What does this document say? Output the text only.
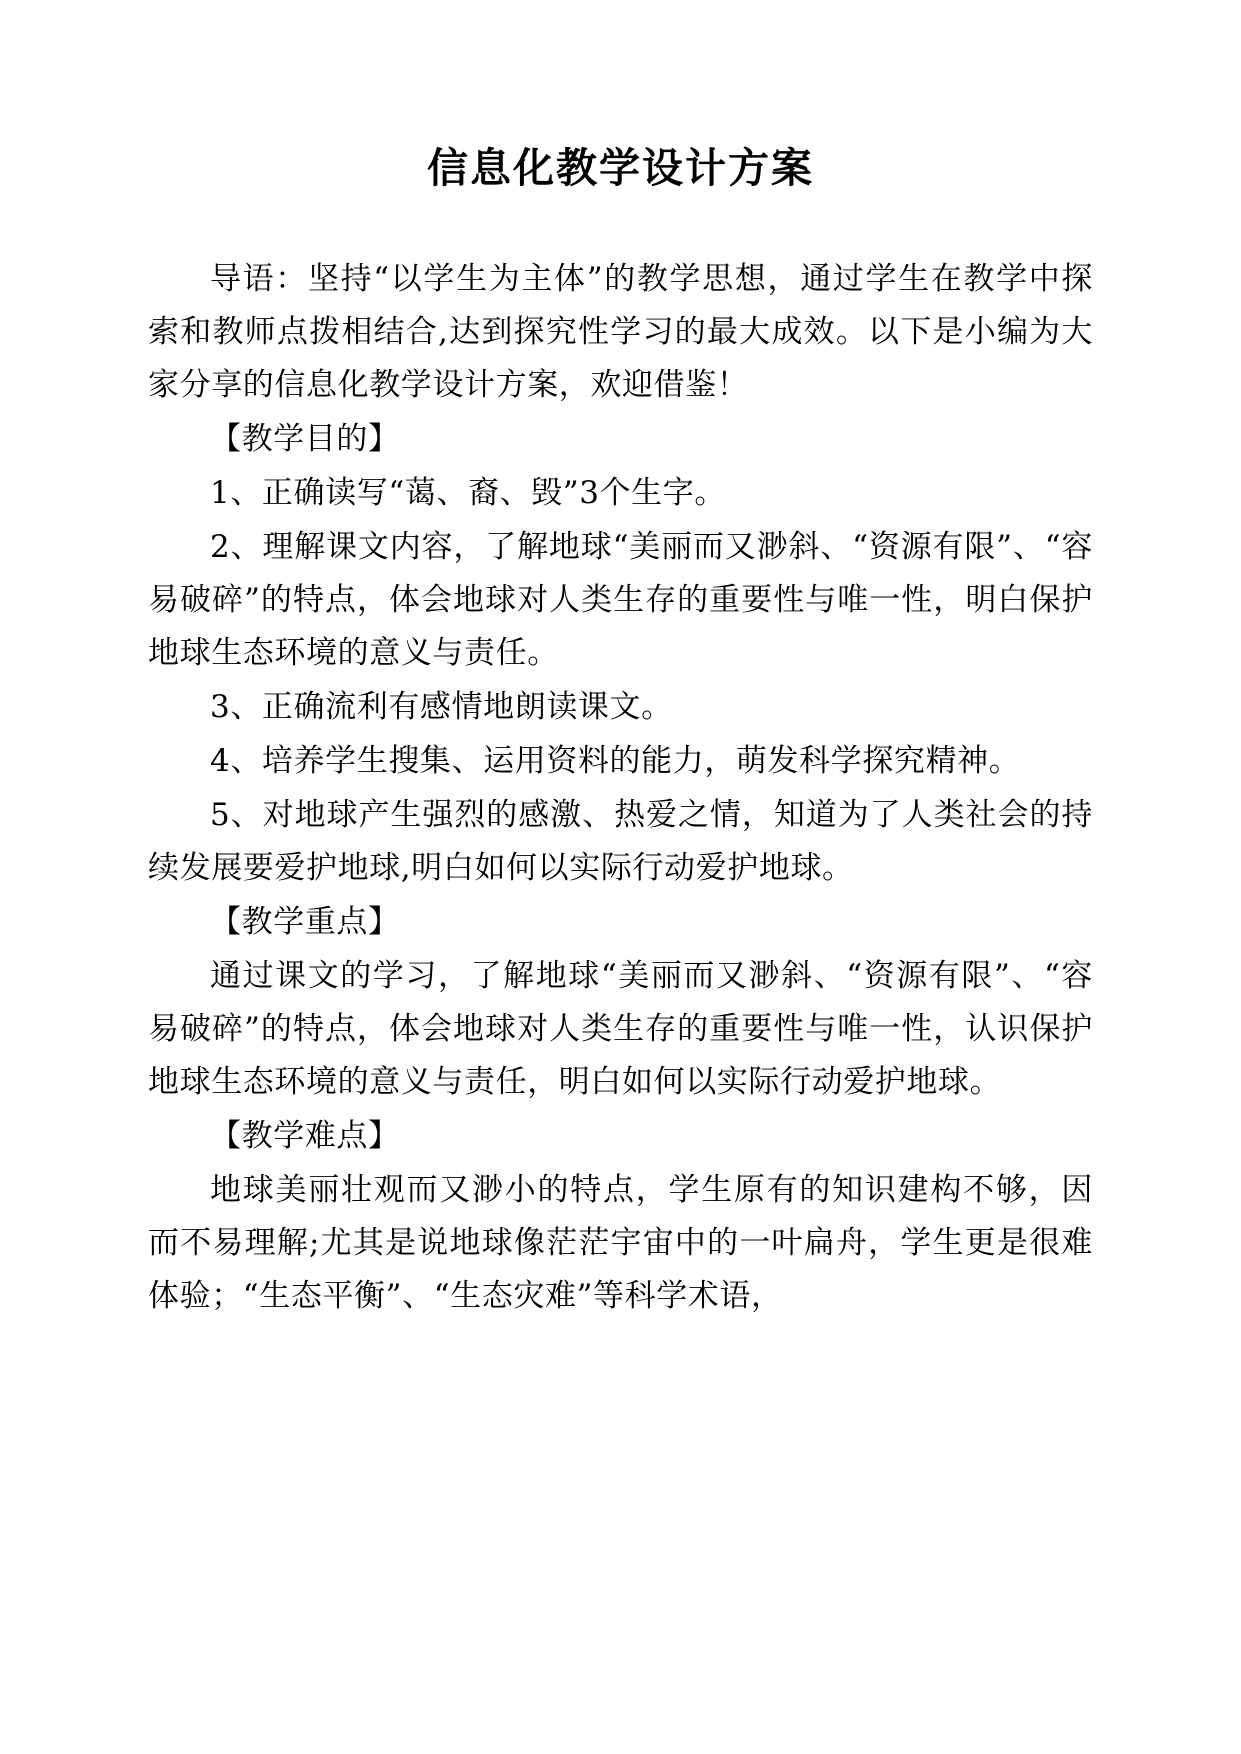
信息化教学设计方案

导语：坚持“以学生为主体”的教学思想，通过学生在教学中探索和教师点拨相结合,达到探究性学习的最大成效。以下是小编为大家分享的信息化教学设计方案，欢迎借鉴！

【教学目的】

1、正确读写“蔼、裔、毁”3个生字。

2、理解课文内容，了解地球“美丽而又渺斜、“资源有限”、“容易破碎”的特点，体会地球对人类生存的重要性与唯一性，明白保护地球生态环境的意义与责任。

3、正确流利有感情地朗读课文。

4、培养学生搜集、运用资料的能力，萌发科学探究精神。

5、对地球产生强烈的感激、热爱之情，知道为了人类社会的持续发展要爱护地球,明白如何以实际行动爱护地球。

【教学重点】

通过课文的学习，了解地球“美丽而又渺斜、“资源有限”、“容易破碎”的特点，体会地球对人类生存的重要性与唯一性，认识保护地球生态环境的意义与责任，明白如何以实际行动爱护地球。

【教学难点】

地球美丽壮观而又渺小的特点，学生原有的知识建构不够，因而不易理解;尤其是说地球像茫茫宇宙中的一叶扁舟，学生更是很难体验；“生态平衡”、“生态灾难”等科学术语，
